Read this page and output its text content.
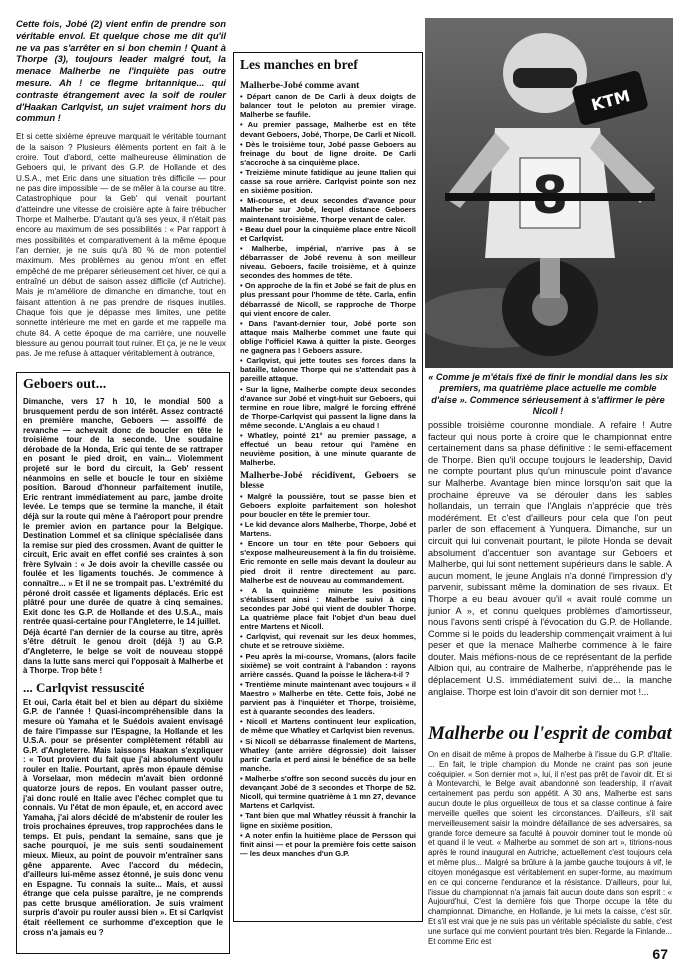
Cette fois, Jobé (2) vient enfin de prendre son véritable envol. Et quelque chose me dit qu'il ne va pas s'arrêter en si bon chemin ! Quant à Thorpe (3), toujours leader malgré tout, la menace Malherbe ne l'inquiète pas outre mesure. Ah ! ce flegme britannique... qui contraste étrangement avec la soif de rouler d'Haakan Carlqvist, un sujet vraiment hors du commun !

Et si cette sixième épreuve marquait le véritable tournant de la saison ? Plusieurs éléments portent en fait à le croire. Tout d'abord, cette malheureuse élimination de Geboers qui, le privant des G.P. de Hollande et des U.S.A., met Eric dans une situation très difficile — pour ne pas dire impossible — de se mêler à la course au titre. Catastrophique pour la Geb' qui venait pourtant d'atteindre une vitesse de croisière apte à faire trébucher Thorpe et Malherbe. D'autant qu'à ses yeux, il n'était pas encore au maximum de ses possibilités : « Par rapport à mes possibilités et comparativement à la même époque l'an dernier, je ne suis qu'à 80 % de mon potentiel maximum. Mes problèmes au genou m'ont en effet empêché de me préparer sérieusement cet hiver, ce qui a entraîné un début de saison assez difficile (cf Autriche). Mais je m'améliore de dimanche en dimanche, tout en faisant attention à ne pas prendre de risques inutiles. Chaque fois que je dépasse mes limites, une petite sonnette intérieure me met en garde et me rappelle ma chute 84. A cette époque de ma carrière, une nouvelle blessure au genou pourrait tout ruiner. Et ça, je ne le veux pas. Je me refuse à attaquer véritablement à outrance,

Geboers out...

Dimanche, vers 17 h 10, le mondial 500 a brusquement perdu de son intérêt. Assez contracté en première manche, Geboers — assoiffé de revanche — achevait donc de boucler en tête le troisième tour de la seconde. Une soudaine dérobade de la Honda, Eric qui tente de se rattraper en posant le pied droit, en vain... Violemment projeté sur le bord du circuit, la Geb' ressent néanmoins en selle et boucle le tour en sixième position. Baroud d'honneur parfaitement inutile, Eric rentrant immédiatement au parc, jambe droite levée. Le temps que se termine la manche, il était déjà sur la route qui mène à l'aéroport pour prendre le premier avion en partance pour la Belgique. Destination Lommel et sa clinique spécialisée dans la remise sur pied des crossmen. Avant de quitter le circuit, Eric avait en effet confié ses craintes à son frère Sylvain : « Je dois avoir la cheville cassée ou foulée et les ligaments touchés. Je commence à connaître... » Et il ne se trompait pas. L'extrémité du péroné droit cassée et ligaments déplacés. Eric est plâtré pour une durée de quatre à cinq semaines. Exit donc les G.P. de Hollande et des U.S.A., mais rentrée quasi-certaine pour l'Angleterre, le 14 juillet.

Déjà écarté l'an dernier de la course au titre, après s'être détruit le genou droit (déjà !) au G.P. d'Angleterre, le belge se voit de nouveau stoppé dans la lutte sans merci qui l'opposait à Malherbe et à Thorpe. Trop bête !

... Carlqvist ressuscité

Et oui, Carla était bel et bien au départ du sixième G.P. de l'année ! Quasi-incompréhensible dans la mesure où Yamaha et le Suédois avaient envisagé de faire l'impasse sur l'Espagne, la Hollande et les U.S.A. pour se présenter complètement rétabli au G.P. d'Angleterre. Mais laissons Haakan s'expliquer : « Tout provient du fait que j'ai absolument voulu rouler en Italie. Pourtant, après mon épaule démise à Vorselaar, mon médecin m'avait bien ordonné quatorze jours de repos. En voulant passer outre, j'ai donc roulé en Italie avec l'échec complet que tu connais. Vu l'état de mon épaule, et, en accord avec Yamaha, j'ai alors décidé de m'abstenir de rouler les trois prochaines épreuves, trop rapprochées dans le temps. Et puis, pendant la semaine, sans que je sache pourquoi, je me suis senti soudainement mieux. Mieux, au point de pouvoir m'entraîner sans gêne apparente. Avec l'accord du médecin, d'ailleurs lui-même assez étonné, je suis donc venu en Espagne. Tu connais la suite... Mais, et aussi étrange que cela puisse paraître, je ne comprends pas cette brusque amélioration. Je suis vraiment surpris d'avoir pu rouler aussi bien ». Et si Carlqvist était réellement ce surhomme d'exception que le cross n'a jamais eu ?

Les manches en bref
Malherbe-Jobé comme avant

• Départ canon de De Carli à deux doigts de balancer tout le peloton au premier virage. Malherbe se faufile.

• Au premier passage, Malherbe est en tête devant Geboers, Jobé, Thorpe, De Carli et Nicoll.

• Dès le troisième tour, Jobé passe Geboers au freinage du bout de ligne droite. De Carli s'accroche à sa cinquième place.

• Treizième minute fatidique au jeune Italien qui casse sa roue arrière. Carlqvist pointe son nez en sixième position.

• Mi-course, et deux secondes d'avance pour Malherbe sur Jobé, lequel distance Geboers maintenant troisième. Thorpe venant de caler.

• Beau duel pour la cinquième place entre Nicoll et Carlqvist.

• Malherbe, impérial, n'arrive pas à se débarrasser de Jobé revenu à son meilleur niveau. Geboers, facile troisième, et à quinze secondes des hommes de tête.

• On approche de la fin et Jobé se fait de plus en plus pressant pour l'homme de tête. Carla, enfin débarrassé de Nicoll, se rapproche de Thorpe qui vient encore de caler.

• Dans l'avant-dernier tour, Jobé porte son attaque mais Malherbe commet une faute qui oblige l'officiel Kawa à quitter la piste. Georges ne gagnera pas ! Geboers assure.

• Carlqvist, qui jette toutes ses forces dans la bataille, talonne Thorpe qui ne s'attendait pas à pareille attaque.

• Sur la ligne, Malherbe compte deux secondes d'avance sur Jobé et vingt-huit sur Geboers, qui termine en roue libre, malgré le forcing effréné de Thorpe-Carlqvist qui passent la ligne dans la même seconde. L'Anglais a eu chaud !

• Whatley, pointé 21° au premier passage, a effectué un beau retour qui l'amène en neuvième position, à une minute quarante de Malherbe.

Malherbe-Jobé récidivent, Geboers se blesse

• Malgré la poussière, tout se passe bien et Geboers exploite parfaitement son holeshot pour boucler en tête le premier tour.

• Le kid devance alors Malherbe, Thorpe, Jobé et Martens.

• Encore un tour en tête pour Geboers qui s'expose malheureusement à la fin du troisième. Eric remonte en selle mais devant la douleur au pied droit il rentre directement au parc. Malherbe est de nouveau au commandement.

• A la quinzième minute les positions s'établissent ainsi : Malherbe suivi à cinq secondes par Jobé qui vient de doubler Thorpe. La quatrième place fait l'objet d'un beau duel entre Martens et Nicoll.

• Carlqvist, qui revenait sur les deux hommes, chute et se retrouve sixième.

• Peu après la mi-course, Vromans, (alors facile sixième) se voit contraint à l'abandon : rayons arrière cassés. Quand la poisse le lâchera-t-il ?

• Trentième minute maintenant avec toujours « il Maestro » Malherbe en tête. Cette fois, Jobé ne parvient pas à l'inquiéter et Thorpe, troisième, est à quarante secondes des leaders.

• Nicoll et Martens continuent leur explication, de même que Whatley et Carlqvist bien revenus.

• Si Nicoll se débarrasse finalement de Martens, Whatley (ante arrière dégrossie) doit laisser partir Carla et perd ainsi le bénéfice de sa belle manche.

• Malherbe s'offre son second succès du jour en devançant Jobé de 3 secondes et Thorpe de 52. Nicoll, qui termine quatrième à 1 mn 27, devance Martens et Carlqvist.

• Tant bien que mal Whatley réussit à franchir la ligne en sixième position.

• A noter enfin la huitième place de Persson qui finit ainsi — et pour la première fois cette saison — les deux manches d'un G.P.

KTM
« Comme je m'étais fixé de finir le mondial dans les six premiers, ma quatrième place actuelle me comble d'aise ». Commence sérieusement à s'affirmer le père Nicoll !

possible troisième couronne mondiale. A refaire ! Autre facteur qui nous porte à croire que le championnat entre certainement dans sa phase définitive : le semi-effacement de Thorpe. Bien qu'il occupe toujours le leadership, David ne compte pourtant plus qu'un minuscule point d'avance sur Malherbe. Avantage bien mince lorsqu'on sait que la prochaine épreuve va se dérouler dans les sables hollandais, un terrain que l'Anglais n'apprécie que très modérément. Et c'est d'ailleurs pour cela que l'on peut parler de son effacement à Yunquera. Dimanche, sur un circuit qui lui convenait pourtant, le pilote Honda se devait absolument d'accentuer son avantage sur Geboers et Malherbe, qui lui sont nettement supérieurs dans le sable. A aucun moment, le jeune Anglais n'a donné l'impression d'y parvenir, subissant même la domination de ses rivaux. Et Thorpe a eu beau avouer qu'il « avait roulé comme un junior A », et connu quelques problèmes d'amortisseur, nous l'avons senti crispé à l'évocation du G.P. de Hollande. Comme si le poids du leadership commençait vraiment à lui peser et que la menace Malherbe commence à le faire douter. Mais méfions-nous de ce représentant de la perfide Albion qui, au contraire de Malherbe, n'appréhende pas le déplacement U.S. immédiatement suivi de... la manche anglaise. Thorpe est loin d'avoir dit son dernier mot !...

Malherbe ou l'esprit de combat

On en disait de même à propos de Malherbe à l'issue du G.P. d'Italie. ... En fait, le triple champion du Monde ne craint pas son jeune coéquipier. « Son dernier mot », lui, il n'est pas prêt de l'avoir dit. Et si à Montevarchi, le Belge avait abandonné son leadership, il n'avait certainement pas perdu son appétit. A 30 ans, Malherbe est sans aucun doute le plus orgueilleux de tous et sa classe continue à faire merveille quelles que soient les circonstances. D'ailleurs, s'il sait merveilleusement saisir la moindre défaillance de ses adversaires, sa grande force demeure sa faculté à pouvoir dominer tout le monde où et quand il le veut. « Malherbe au sommet de son art », titrions-nous après le round inaugural en Autriche, actuellement c'est toujours cela et même plus... Malgré sa brûlure à la jambe gauche toujours à vif, le citoyen monégasque est véritablement en super-forme, au maximum en ce qui concerne l'endurance et la résistance. D'ailleurs, pour lui, l'issue du championnat n'a jamais fait aucun doute dans son esprit : « Aujourd'hui, C'est la dernière fois que Thorpe occupe la tête du championnat. Dimanche, en Hollande, je lui mets la caisse, c'est sûr. Et s'il est vrai que je ne suis pas un véritable spécialiste du sable, c'est une surface qui me convient pourtant très bien. Regarde la Finlande... Et comme Eric est

67
